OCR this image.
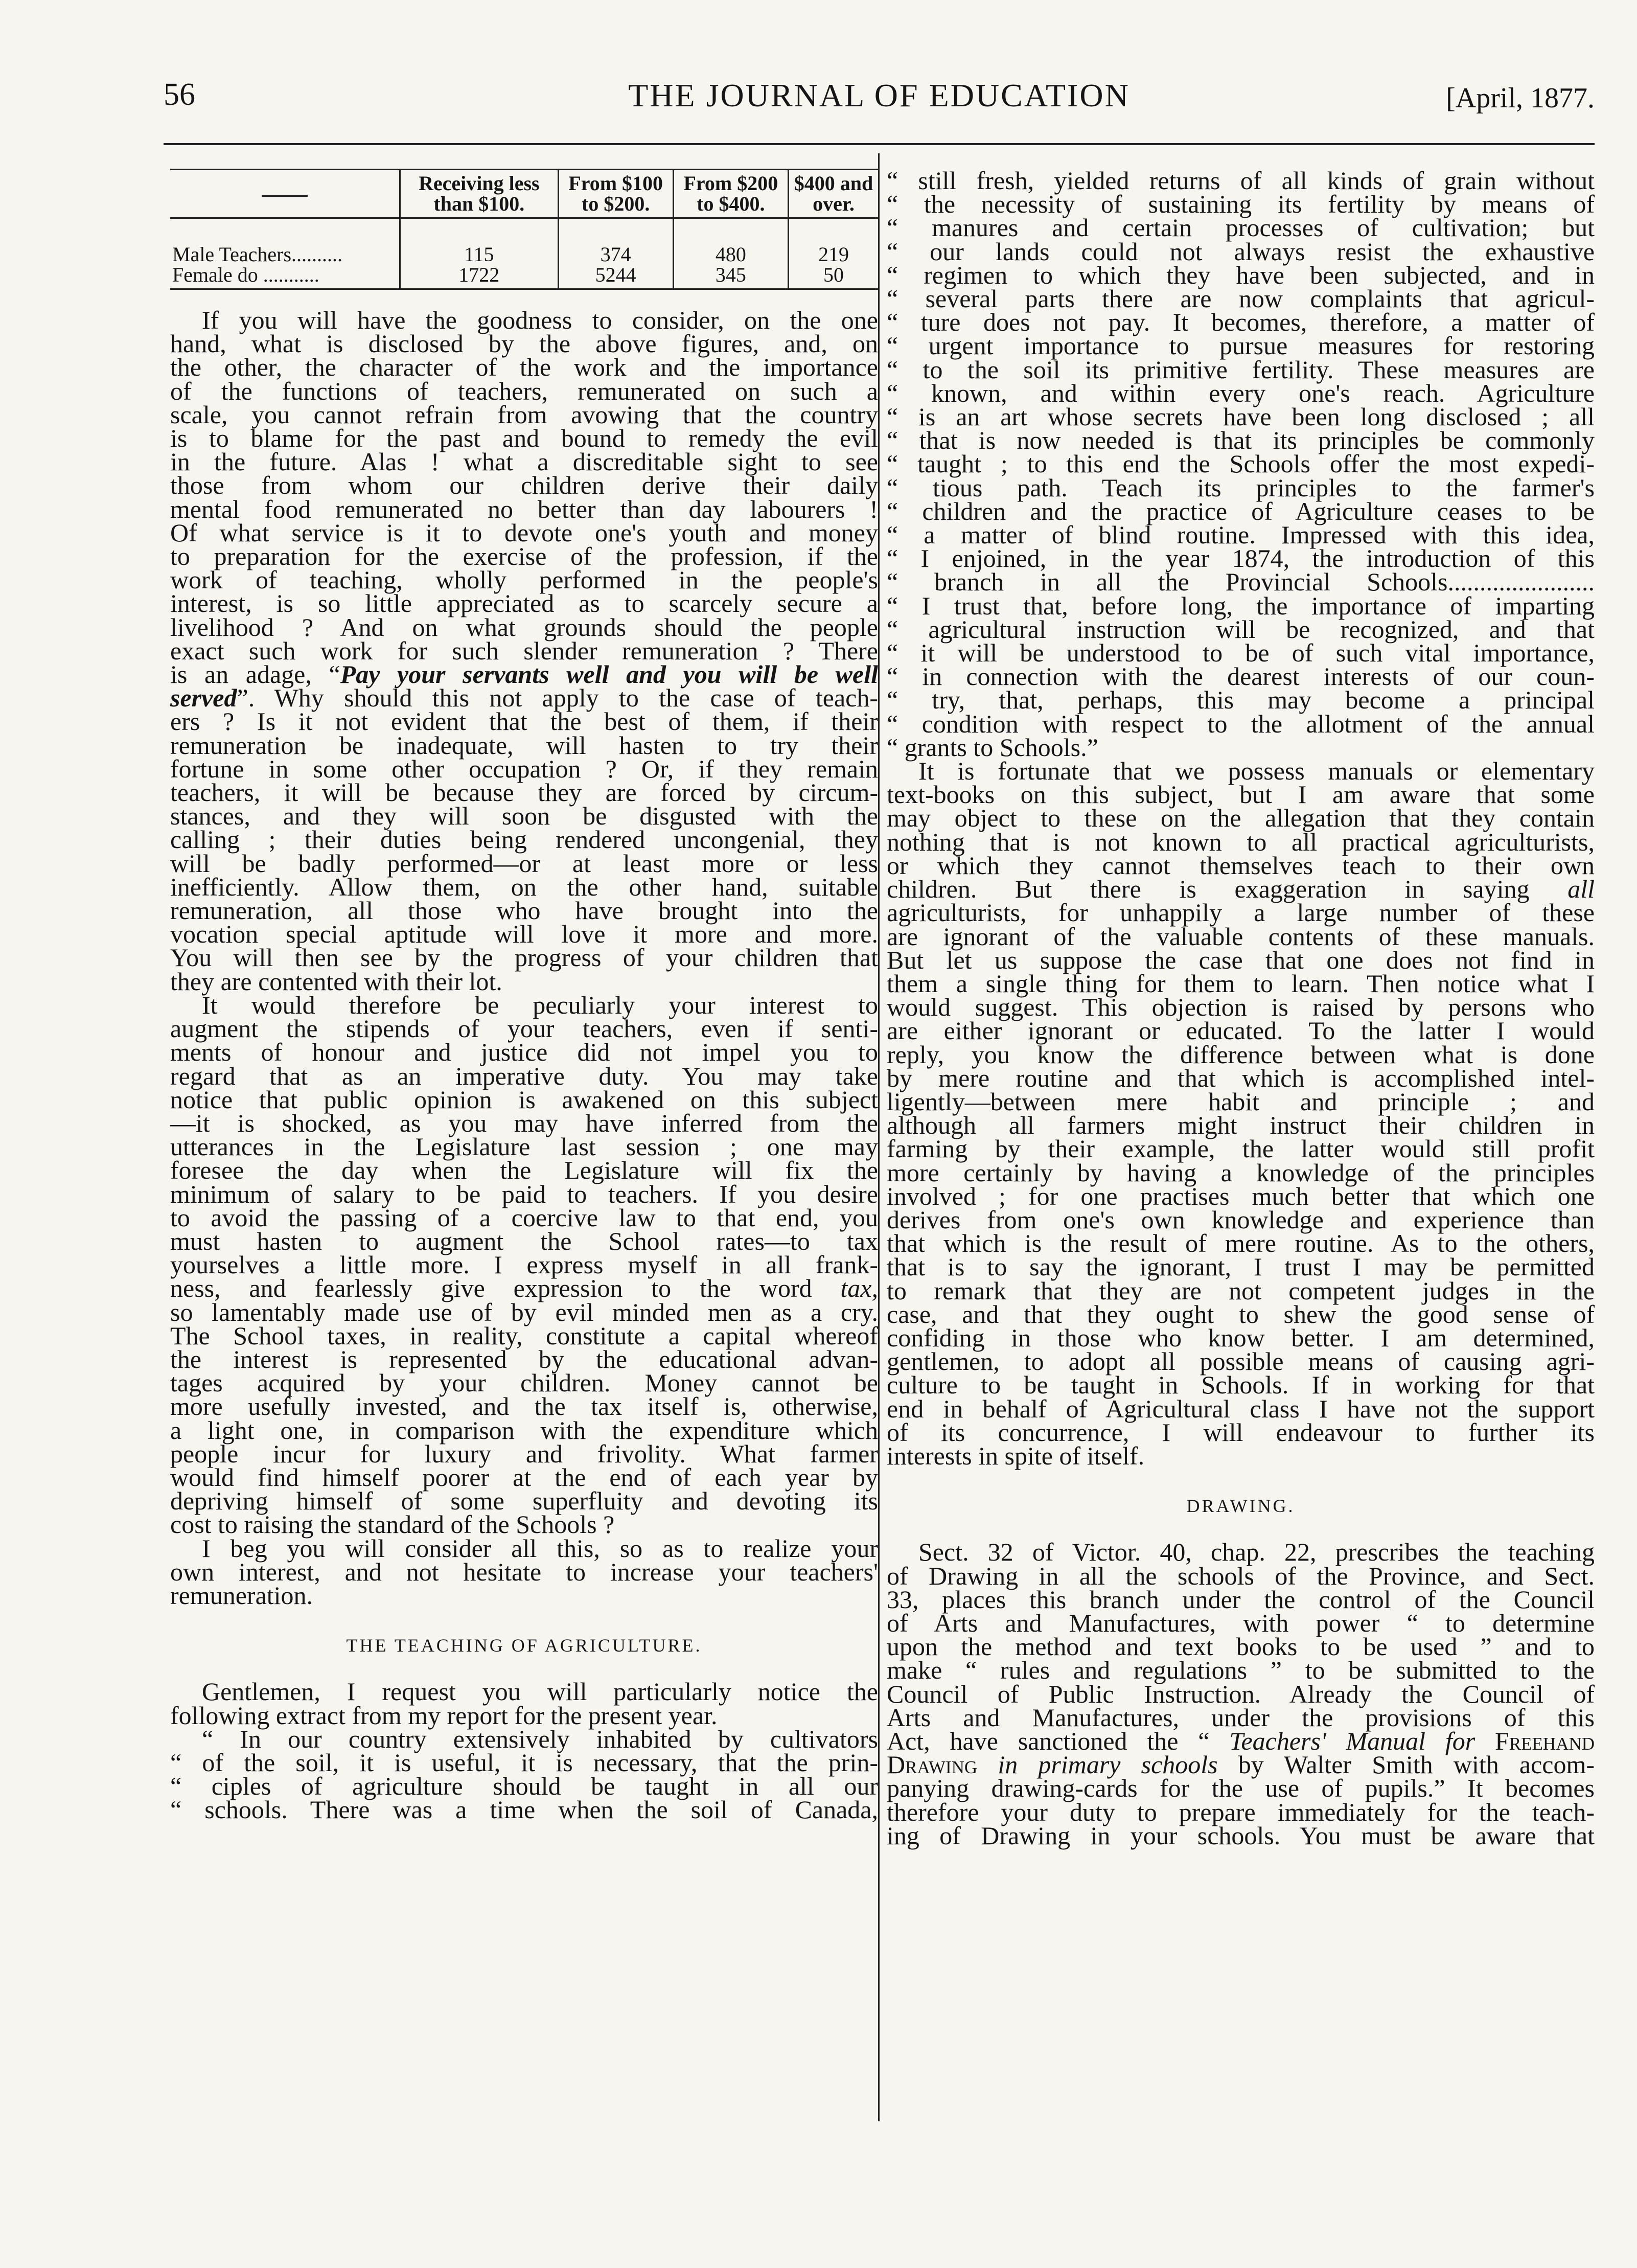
56	THE JOURNAL OF EDUCATION	[April, 1877.
	Receiving less than $100.	From $100 to $200.	From $200 to $400.	$400 and over.

Male Teachers..........	115	374	480	219
Female do ...........	1722	5244	345	50
If you will have the goodness to consider, on the one
hand, what is disclosed by the above figures, and, on
the other, the character of the work and the importance
of the functions of teachers, remunerated on such a
scale, you cannot refrain from avowing that the country
is to blame for the past and bound to remedy the evil
in the future. Alas ! what a discreditable sight to see
those from whom our children derive their daily
mental food remunerated no better than day labourers !
Of what service is it to devote one's youth and money
to preparation for the exercise of the profession, if the
work of teaching, wholly performed in the people's
interest, is so little appreciated as to scarcely secure a
livelihood ? And on what grounds should the people
exact such work for such slender remuneration ? There
is an adage, “Pay your servants well and you will be well
served”. Why should this not apply to the case of teach-
ers ? Is it not evident that the best of them, if their
remuneration be inadequate, will hasten to try their
fortune in some other occupation ? Or, if they remain
teachers, it will be because they are forced by circum-
stances, and they will soon be disgusted with the
calling ; their duties being rendered uncongenial, they
will be badly performed—or at least more or less
inefficiently. Allow them, on the other hand, suitable
remuneration, all those who have brought into the
vocation special aptitude will love it more and more.
You will then see by the progress of your children that
they are contented with their lot.
It would therefore be peculiarly your interest to
augment the stipends of your teachers, even if senti-
ments of honour and justice did not impel you to
regard that as an imperative duty. You may take
notice that public opinion is awakened on this subject
—it is shocked, as you may have inferred from the
utterances in the Legislature last session ; one may
foresee the day when the Legislature will fix the
minimum of salary to be paid to teachers. If you desire
to avoid the passing of a coercive law to that end, you
must hasten to augment the School rates—to tax
yourselves a little more. I express myself in all frank-
ness, and fearlessly give expression to the word tax,
so lamentably made use of by evil minded men as a cry.
The School taxes, in reality, constitute a capital whereof
the interest is represented by the educational advan-
tages acquired by your children. Money cannot be
more usefully invested, and the tax itself is, otherwise,
a light one, in comparison with the expenditure which
people incur for luxury and frivolity. What farmer
would find himself poorer at the end of each year by
depriving himself of some superfluity and devoting its
cost to raising the standard of the Schools ?
I beg you will consider all this, so as to realize your
own interest, and not hesitate to increase your teachers'
remuneration.
THE TEACHING OF AGRICULTURE.
Gentlemen, I request you will particularly notice the
following extract from my report for the present year.
“ In our country extensively inhabited by cultivators
“ of the soil, it is useful, it is necessary, that the prin-
“ ciples of agriculture should be taught in all our
“ schools. There was a time when the soil of Canada,
“ still fresh, yielded returns of all kinds of grain without
“ the necessity of sustaining its fertility by means of
“ manures and certain processes of cultivation; but
“ our lands could not always resist the exhaustive
“ regimen to which they have been subjected, and in
“ several parts there are now complaints that agricul-
“ ture does not pay. It becomes, therefore, a matter of
“ urgent importance to pursue measures for restoring
“ to the soil its primitive fertility. These measures are
“ known, and within every one's reach. Agriculture
“ is an art whose secrets have been long disclosed ; all
“ that is now needed is that its principles be commonly
“ taught ; to this end the Schools offer the most expedi-
“ tious path. Teach its principles to the farmer's
“ children and the practice of Agriculture ceases to be
“ a matter of blind routine. Impressed with this idea,
“ I enjoined, in the year 1874, the introduction of this
“ branch in all the Provincial Schools.......................
“ I trust that, before long, the importance of imparting
“ agricultural instruction will be recognized, and that
“ it will be understood to be of such vital importance,
“ in connection with the dearest interests of our coun-
“ try, that, perhaps, this may become a principal
“ condition with respect to the allotment of the annual
“ grants to Schools.”
It is fortunate that we possess manuals or elementary
text-books on this subject, but I am aware that some
may object to these on the allegation that they contain
nothing that is not known to all practical agriculturists,
or which they cannot themselves teach to their own
children. But there is exaggeration in saying all
agriculturists, for unhappily a large number of these
are ignorant of the valuable contents of these manuals.
But let us suppose the case that one does not find in
them a single thing for them to learn. Then notice what I
would suggest. This objection is raised by persons who
are either ignorant or educated. To the latter I would
reply, you know the difference between what is done
by mere routine and that which is accomplished intel-
ligently—between mere habit and principle ; and
although all farmers might instruct their children in
farming by their example, the latter would still profit
more certainly by having a knowledge of the principles
involved ; for one practises much better that which one
derives from one's own knowledge and experience than
that which is the result of mere routine. As to the others,
that is to say the ignorant, I trust I may be permitted
to remark that they are not competent judges in the
case, and that they ought to shew the good sense of
confiding in those who know better. I am determined,
gentlemen, to adopt all possible means of causing agri-
culture to be taught in Schools. If in working for that
end in behalf of Agricultural class I have not the support
of its concurrence, I will endeavour to further its
interests in spite of itself.
DRAWING.
Sect. 32 of Victor. 40, chap. 22, prescribes the teaching
of Drawing in all the schools of the Province, and Sect.
33, places this branch under the control of the Council
of Arts and Manufactures, with power “ to determine
upon the method and text books to be used ” and to
make “ rules and regulations ” to be submitted to the
Council of Public Instruction. Already the Council of
Arts and Manufactures, under the provisions of this
Act, have sanctioned the “ Teachers' Manual for Freehand
Drawing in primary schools by Walter Smith with accom-
panying drawing-cards for the use of pupils.” It becomes
therefore your duty to prepare immediately for the teach-
ing of Drawing in your schools. You must be aware that
